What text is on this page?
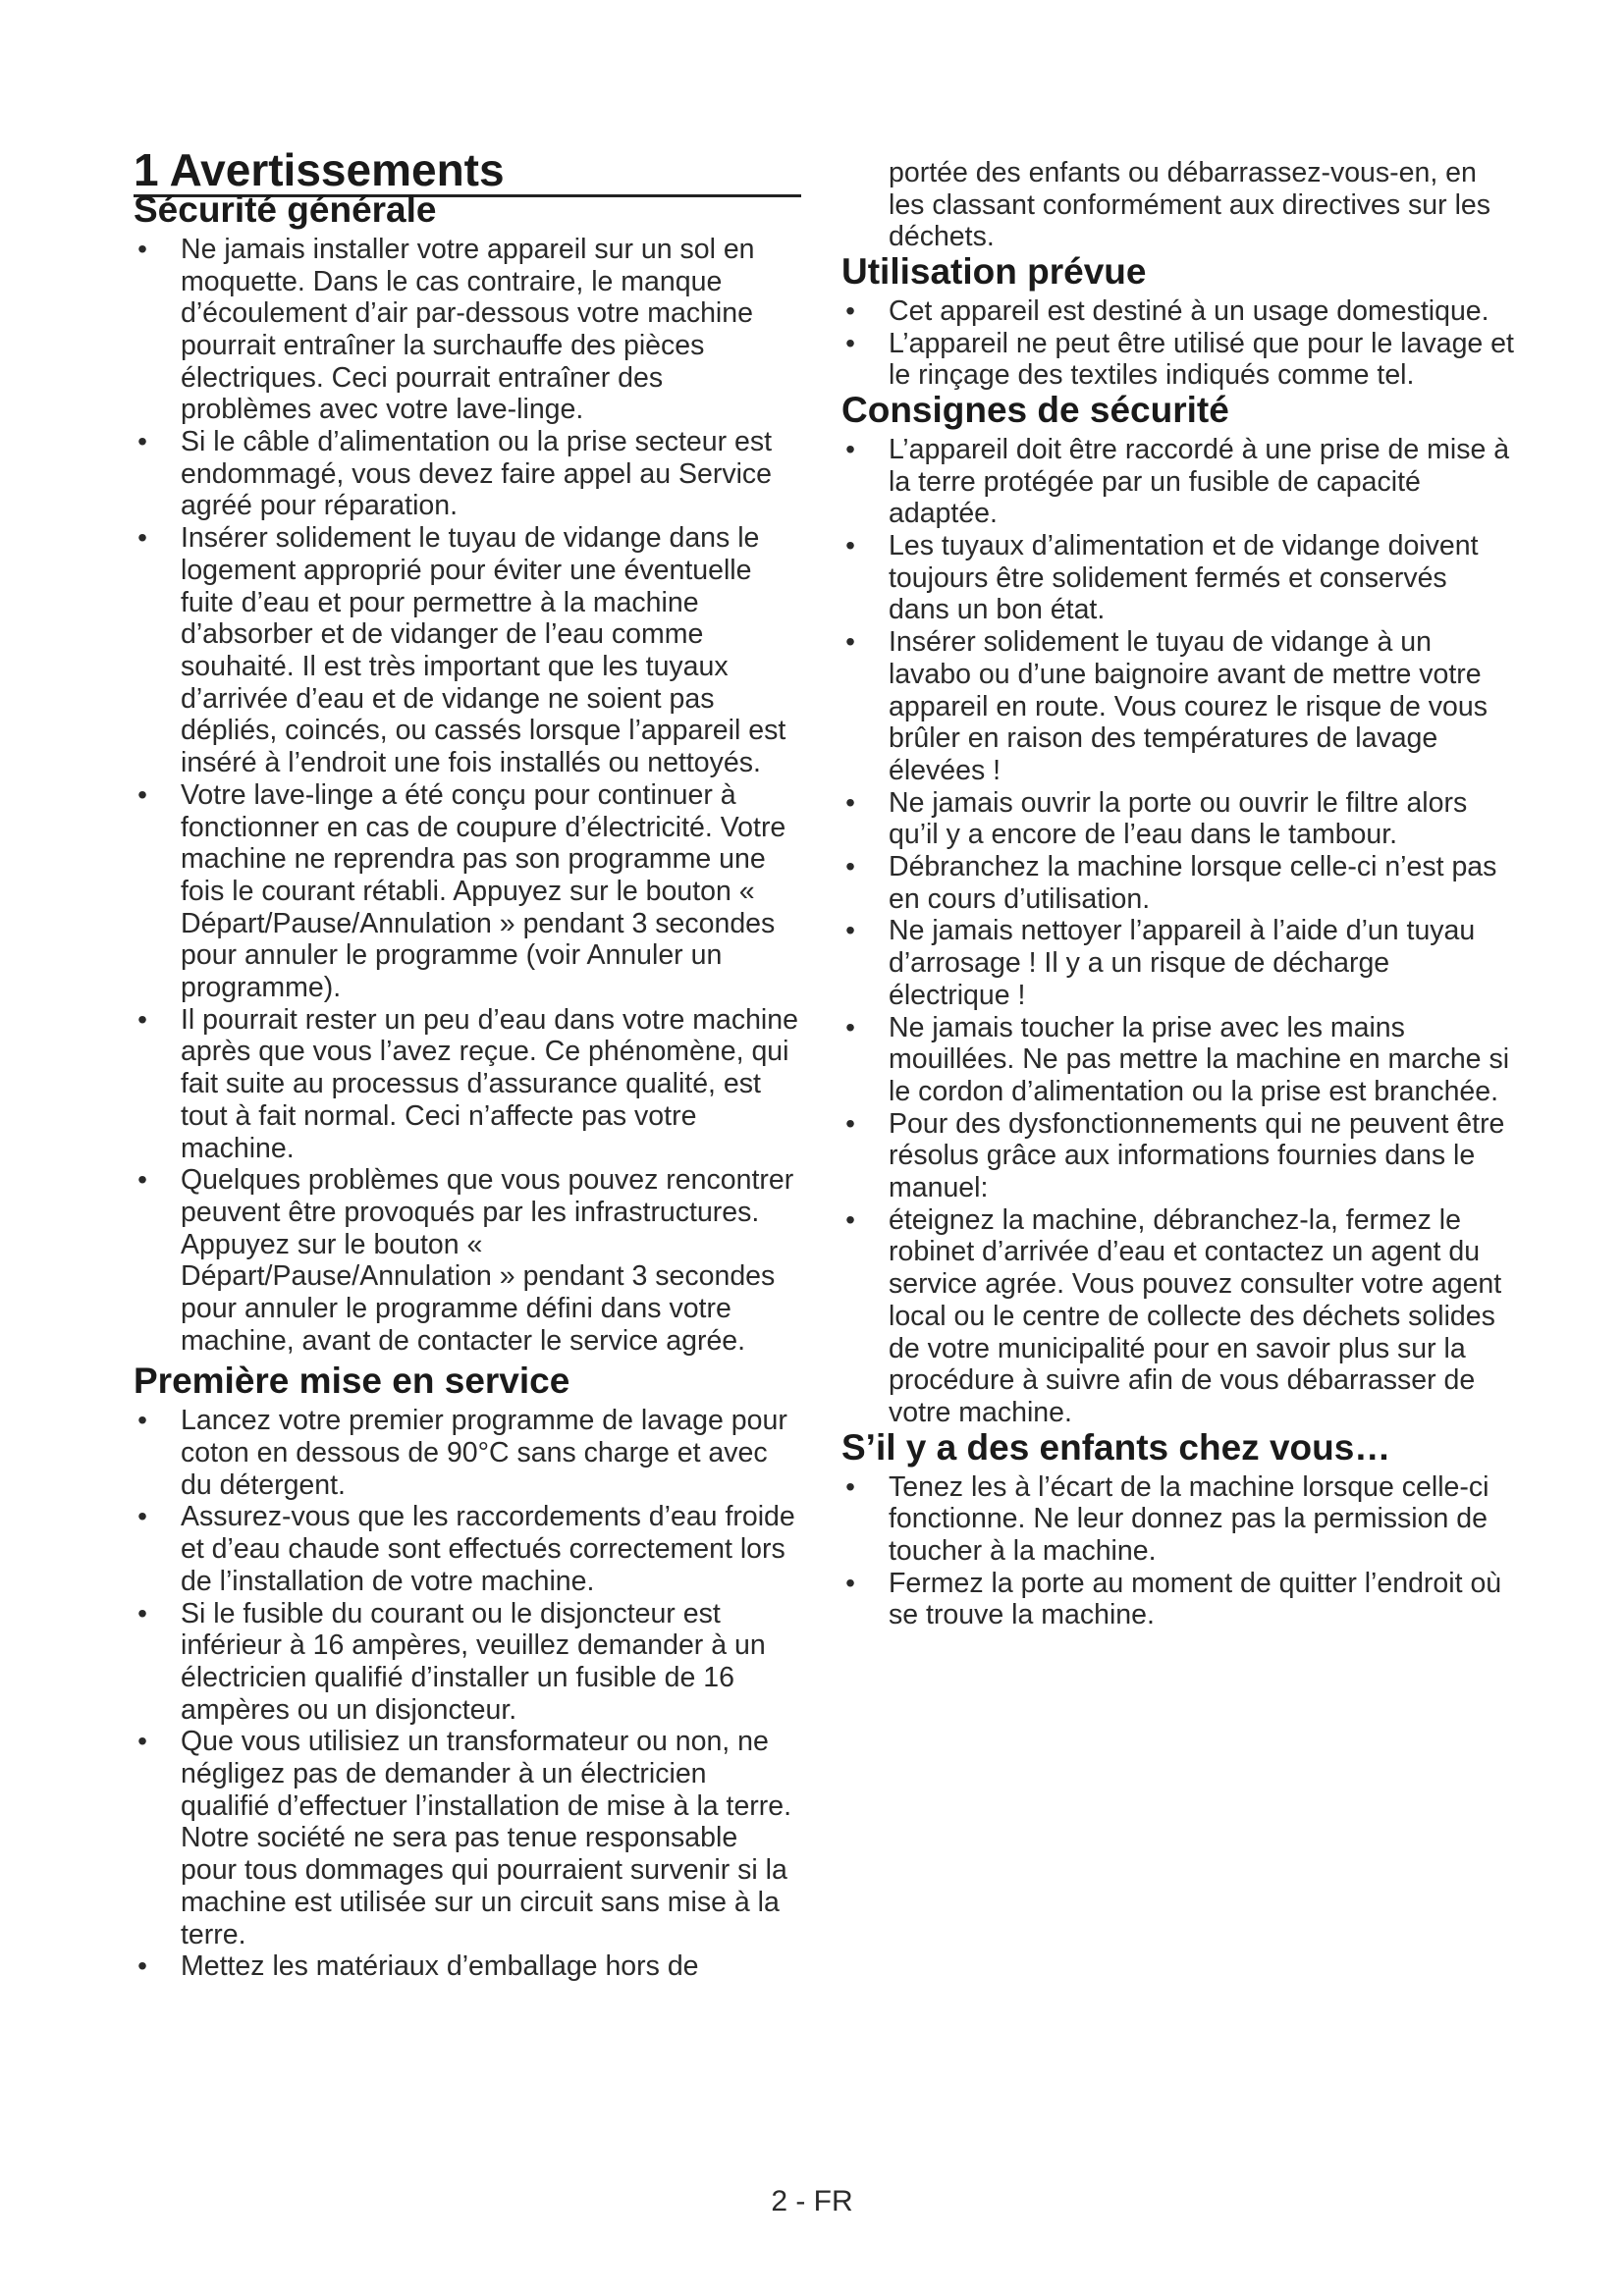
1 Avertissements
Sécurité générale
• Ne jamais installer votre appareil sur un sol en moquette. Dans le cas contraire, le manque d’écoulement d’air par-dessous votre machine pourrait entraîner la surchauffe des pièces électriques. Ceci pourrait entraîner des problèmes avec votre lave-linge.
• Si le câble d’alimentation ou la prise secteur est endommagé, vous devez faire appel au Service agréé pour réparation.
• Insérer solidement le tuyau de vidange dans le logement approprié pour éviter une éventuelle fuite d’eau et pour permettre à la machine d’absorber et de vidanger de l’eau comme souhaité. Il est très important que les tuyaux d’arrivée d’eau et de vidange ne soient pas dépliés, coincés, ou cassés lorsque l’appareil est inséré à l’endroit une fois installés ou nettoyés.
• Votre lave-linge a été conçu pour continuer à fonctionner en cas de coupure d’électricité. Votre machine ne reprendra pas son programme une fois le courant rétabli. Appuyez sur le bouton « Départ/Pause/Annulation » pendant 3 secondes pour annuler le programme (voir Annuler un programme).
• Il pourrait rester un peu d’eau dans votre machine après que vous l’avez reçue. Ce phénomène, qui fait suite au processus d’assurance qualité, est tout à fait normal. Ceci n’affecte pas votre machine.
• Quelques problèmes que vous pouvez rencontrer peuvent être provoqués par les infrastructures. Appuyez sur le bouton « Départ/Pause/Annulation » pendant 3 secondes pour annuler le programme défini dans votre machine, avant de contacter le service agrée.
Première mise en service
• Lancez votre premier programme de lavage pour coton en dessous de 90°C sans charge et avec du détergent.
• Assurez-vous que les raccordements d’eau froide et d’eau chaude sont effectués correctement lors de l’installation de votre machine.
• Si le fusible du courant ou le disjoncteur est inférieur à 16 ampères, veuillez demander à un électricien qualifié d’installer un fusible de 16 ampères ou un disjoncteur.
• Que vous utilisiez un transformateur ou non, ne négligez pas de demander à un électricien qualifié d’effectuer l’installation de mise à la terre. Notre société ne sera pas tenue responsable pour tous dommages qui pourraient survenir si la machine est utilisée sur un circuit sans mise à la terre.
• Mettez les matériaux d’emballage hors de

portée des enfants ou débarrassez-vous-en, en les classant conformément aux directives sur les déchets.

Utilisation prévue
• Cet appareil est destiné à un usage domestique.
• L’appareil ne peut être utilisé que pour le lavage et le rinçage des textiles indiqués comme tel.
Consignes de sécurité
• L’appareil doit être raccordé à une prise de mise à la terre protégée par un fusible de capacité adaptée.
• Les tuyaux d’alimentation et de vidange doivent toujours être solidement fermés et conservés dans un bon état.
• Insérer solidement le tuyau de vidange à un lavabo ou d’une baignoire avant de mettre votre appareil en route. Vous courez le risque de vous brûler en raison des températures de lavage élevées !
• Ne jamais ouvrir la porte ou ouvrir le filtre alors qu’il y a encore de l’eau dans le tambour.
• Débranchez la machine lorsque celle-ci n’est pas en cours d’utilisation.
• Ne jamais nettoyer l’appareil à l’aide d’un tuyau d’arrosage ! Il y a un risque de décharge électrique !
• Ne jamais toucher la prise avec les mains mouillées. Ne pas mettre la machine en marche si le cordon d’alimentation ou la prise est branchée.
• Pour des dysfonctionnements qui ne peuvent être résolus grâce aux informations fournies dans le manuel:
• éteignez la machine, débranchez-la, fermez le robinet d’arrivée d’eau et contactez un agent du service agrée. Vous pouvez consulter votre agent local ou le centre de collecte des déchets solides de votre municipalité pour en savoir plus sur la procédure à suivre afin de vous débarrasser de votre machine.
S’il y a des enfants chez vous…
• Tenez les à l’écart de la machine lorsque celle-ci fonctionne. Ne leur donnez pas la permission de toucher à la machine.
• Fermez la porte au moment de quitter l’endroit où se trouve la machine.
2 - FR
